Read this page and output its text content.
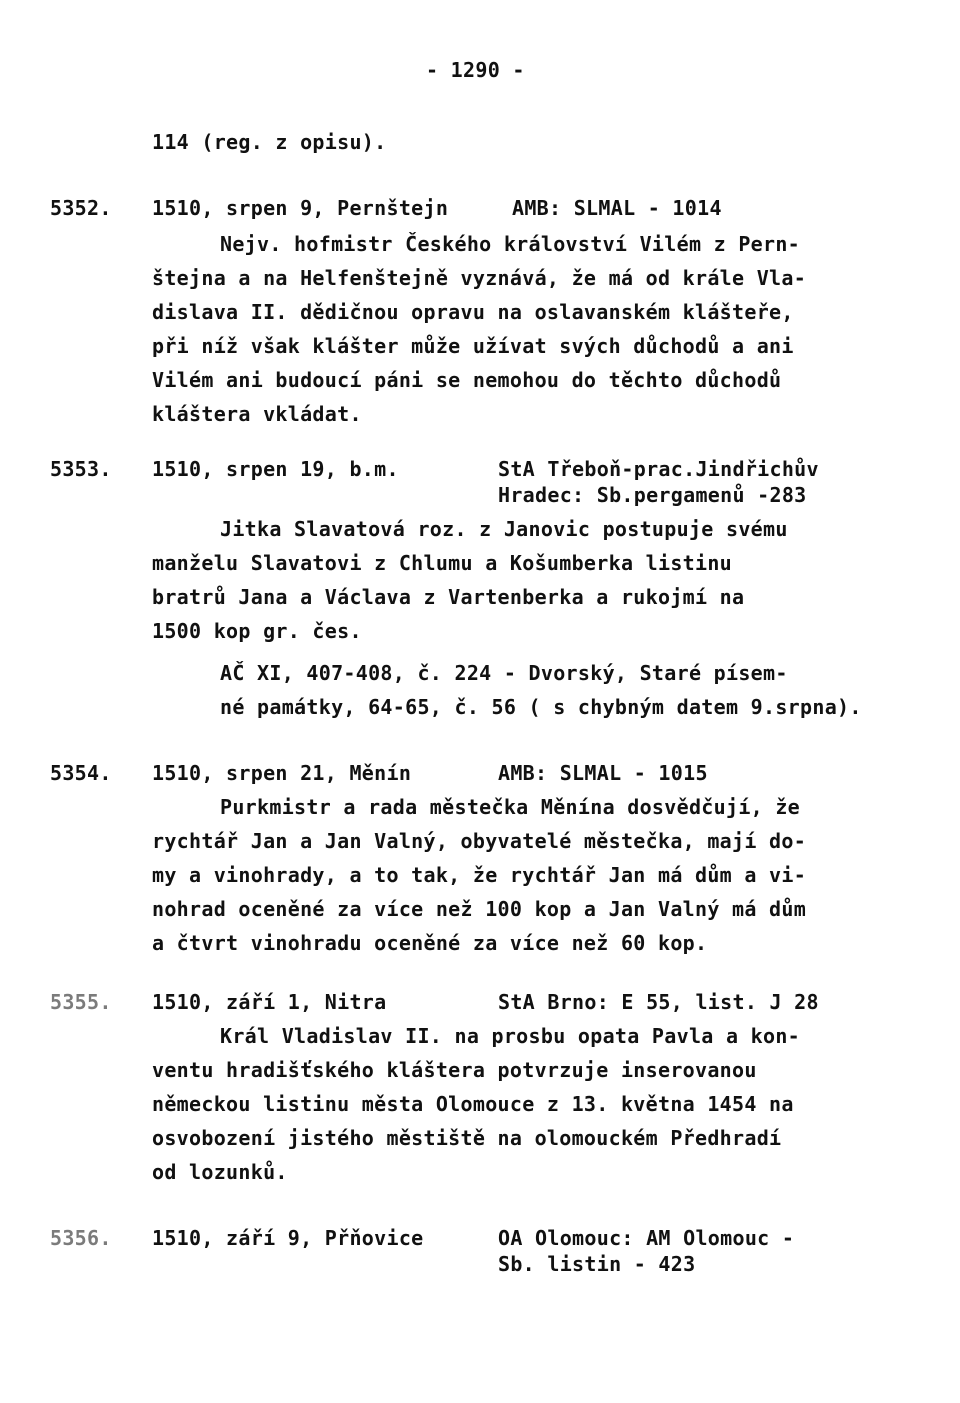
- 1290 -
114 (reg. z opisu).
5352. 1510, srpen 9, Pernštejn	AMB: SLMAL - 1014
Nejv. hofmistr Českého království Vilém z Pern-
štejna a na Helfenštejně vyznává, že má od krále Vla-
dislava II. dědičnou opravu na oslavanském klášteře,
při níž však klášter může užívat svých důchodů a ani
Vilém ani budoucí páni se nemohou do těchto důchodů
kláštera vkládat.
5353. 1510, srpen 19, b.m.	StA Třeboň-prac.Jindřichův
Hradec: Sb.pergamenů -283
Jitka Slavatová roz. z Janovic postupuje svému
manželu Slavatovi z Chlumu a Košumberka listinu
bratrů Jana a Václava z Vartenberka a rukojmí na
1500 kop gr. čes.
AČ XI, 407-408, č. 224 - Dvorský, Staré písem-
né památky, 64-65, č. 56 ( s chybným datem 9.srpna).
5354. 1510, srpen 21, Měnín	AMB: SLMAL - 1015
Purkmistr a rada městečka Měnína dosvědčují, že
rychtář Jan a Jan Valný, obyvatelé městečka, mají do-
my a vinohrady, a to tak, že rychtář Jan má dům a vi-
nohrad oceněné za více než 100 kop a Jan Valný má dům
a čtvrt vinohradu oceněné za více než 60 kop.
5355. 1510, září 1, Nitra	StA Brno: E 55, list. J 28
Král Vladislav II. na prosbu opata Pavla a kon-
ventu hradišťského kláštera potvrzuje inserovanou
německou listinu města Olomouce z 13. května 1454 na
osvobození jistého městiště na olomouckém Předhradí
od lozunků.
5356. 1510, září 9, Přňovice	OA Olomouc: AM Olomouc -
Sb. listin - 423
